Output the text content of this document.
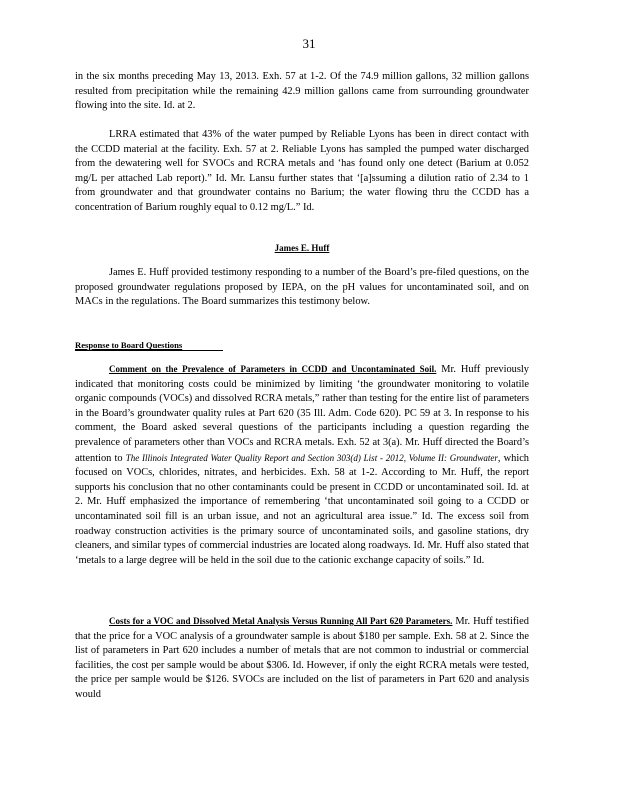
31

in the six months preceding May 13, 2013. Exh. 57 at 1-2. Of the 74.9 million gallons, 32 million gallons resulted from precipitation while the remaining 42.9 million gallons came from surrounding groundwater flowing into the site. Id. at 2.

LRRA estimated that 43% of the water pumped by Reliable Lyons has been in direct contact with the CCDD material at the facility. Exh. 57 at 2. Reliable Lyons has sampled the pumped water discharged from the dewatering well for SVOCs and RCRA metals and ‘has found only one detect (Barium at 0.052 mg/L per attached Lab report).” Id. Mr. Lansu further states that ‘[a]ssuming a dilution ratio of 2.34 to 1 from groundwater and that groundwater contains no Barium; the water flowing thru the CCDD has a concentration of Barium roughly equal to 0.12 mg/L.” Id.

James E. Huff

James E. Huff provided testimony responding to a number of the Board’s pre-filed questions, on the proposed groundwater regulations proposed by IEPA, on the pH values for uncontaminated soil, and on MACs in the regulations. The Board summarizes this testimony below.

Response to Board Questions

Comment on the Prevalence of Parameters in CCDD and Uncontaminated Soil. Mr. Huff previously indicated that monitoring costs could be minimized by limiting ‘the groundwater monitoring to volatile organic compounds (VOCs) and dissolved RCRA metals,” rather than testing for the entire list of parameters in the Board’s groundwater quality rules at Part 620 (35 Ill. Adm. Code 620). PC 59 at 3. In response to his comment, the Board asked several questions of the participants including a question regarding the prevalence of parameters other than VOCs and RCRA metals. Exh. 52 at 3(a). Mr. Huff directed the Board’s attention to The Illinois Integrated Water Quality Report and Section 303(d) List - 2012, Volume II: Groundwater, which focused on VOCs, chlorides, nitrates, and herbicides. Exh. 58 at 1-2. According to Mr. Huff, the report supports his conclusion that no other contaminants could be present in CCDD or uncontaminated soil. Id. at 2. Mr. Huff emphasized the importance of remembering ‘that uncontaminated soil going to a CCDD or uncontaminated soil fill is an urban issue, and not an agricultural area issue.” Id. The excess soil from roadway construction activities is the primary source of uncontaminated soils, and gasoline stations, dry cleaners, and similar types of commercial industries are located along roadways. Id. Mr. Huff also stated that ‘metals to a large degree will be held in the soil due to the cationic exchange capacity of soils.” Id.

Costs for a VOC and Dissolved Metal Analysis Versus Running All Part 620 Parameters. Mr. Huff testified that the price for a VOC analysis of a groundwater sample is about $180 per sample. Exh. 58 at 2. Since the list of parameters in Part 620 includes a number of metals that are not common to industrial or commercial facilities, the cost per sample would be about $306. Id. However, if only the eight RCRA metals were tested, the price per sample would be $126. SVOCs are included on the list of parameters in Part 620 and analysis would
